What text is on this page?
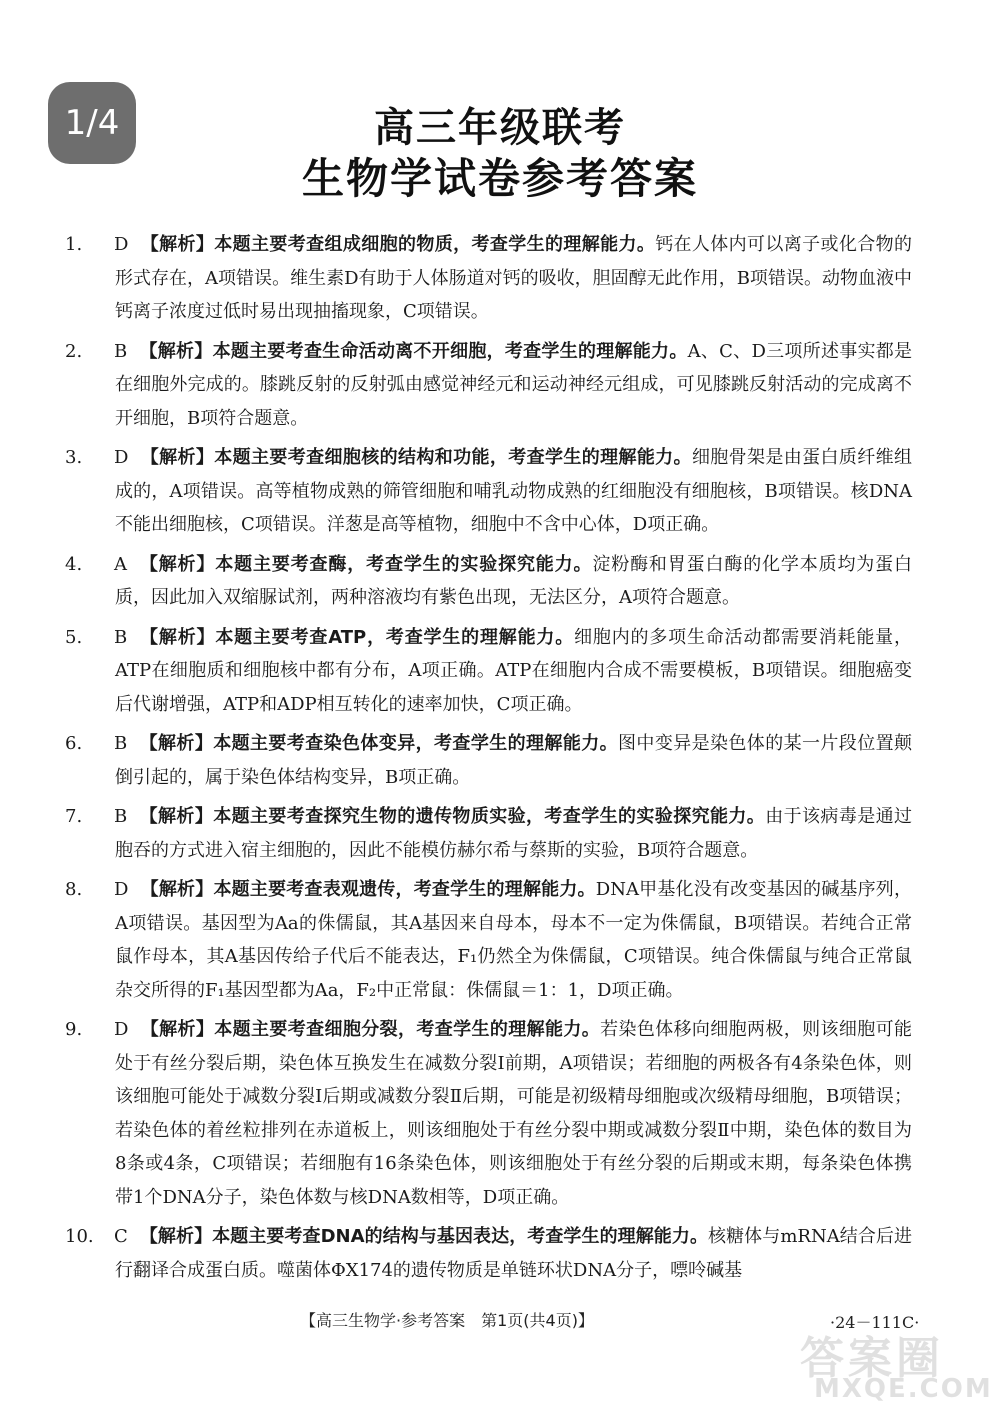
1/4	高三年级联考
生物学试卷参考答案
1. D 【解析】本题主要考查组成细胞的物质，考查学生的理解能力。钙在人体内可以离子或化合物的形式存在，A项错误。维生素D有助于人体肠道对钙的吸收，胆固醇无此作用，B项错误。动物血液中钙离子浓度过低时易出现抽搐现象，C项错误。
2. B 【解析】本题主要考查生命活动离不开细胞，考查学生的理解能力。A、C、D三项所述事实都是在细胞外完成的。膝跳反射的反射弧由感觉神经元和运动神经元组成，可见膝跳反射活动的完成离不开细胞，B项符合题意。
3. D 【解析】本题主要考查细胞核的结构和功能，考查学生的理解能力。细胞骨架是由蛋白质纤维组成的，A项错误。高等植物成熟的筛管细胞和哺乳动物成熟的红细胞没有细胞核，B项错误。核DNA不能出细胞核，C项错误。洋葱是高等植物，细胞中不含中心体，D项正确。
4. A 【解析】本题主要考查酶，考查学生的实验探究能力。淀粉酶和胃蛋白酶的化学本质均为蛋白质，因此加入双缩脲试剂，两种溶液均有紫色出现，无法区分，A项符合题意。
5. B 【解析】本题主要考查ATP，考查学生的理解能力。细胞内的多项生命活动都需要消耗能量，ATP在细胞质和细胞核中都有分布，A项正确。ATP在细胞内合成不需要模板，B项错误。细胞癌变后代谢增强，ATP和ADP相互转化的速率加快，C项正确。
6. B 【解析】本题主要考查染色体变异，考查学生的理解能力。图中变异是染色体的某一片段位置颠倒引起的，属于染色体结构变异，B项正确。
7. B 【解析】本题主要考查探究生物的遗传物质实验，考查学生的实验探究能力。由于该病毒是通过胞吞的方式进入宿主细胞的，因此不能模仿赫尔希与蔡斯的实验，B项符合题意。
8. D 【解析】本题主要考查表观遗传，考查学生的理解能力。DNA甲基化没有改变基因的碱基序列，A项错误。基因型为Aa的侏儒鼠，其A基因来自母本，母本不一定为侏儒鼠，B项错误。若纯合正常鼠作母本，其A基因传给子代后不能表达，F₁仍然全为侏儒鼠，C项错误。纯合侏儒鼠与纯合正常鼠杂交所得的F₁基因型都为Aa，F₂中正常鼠：侏儒鼠＝1：1，D项正确。
9. D 【解析】本题主要考查细胞分裂，考查学生的理解能力。若染色体移向细胞两极，则该细胞可能处于有丝分裂后期，染色体互换发生在减数分裂Ⅰ前期，A项错误；若细胞的两极各有4条染色体，则该细胞可能处于减数分裂Ⅰ后期或减数分裂Ⅱ后期，可能是初级精母细胞或次级精母细胞，B项错误；若染色体的着丝粒排列在赤道板上，则该细胞处于有丝分裂中期或减数分裂Ⅱ中期，染色体的数目为8条或4条，C项错误；若细胞有16条染色体，则该细胞处于有丝分裂的后期或末期，每条染色体携带1个DNA分子，染色体数与核DNA数相等，D项正确。
10. C 【解析】本题主要考查DNA的结构与基因表达，考查学生的理解能力。核糖体与mRNA结合后进行翻译合成蛋白质。噬菌体ΦX174的遗传物质是单链环状DNA分子，嘌呤碱基
【高三生物学·参考答案　第1页(共4页)】	·24－111C·
答案圈
MXQE.COM
